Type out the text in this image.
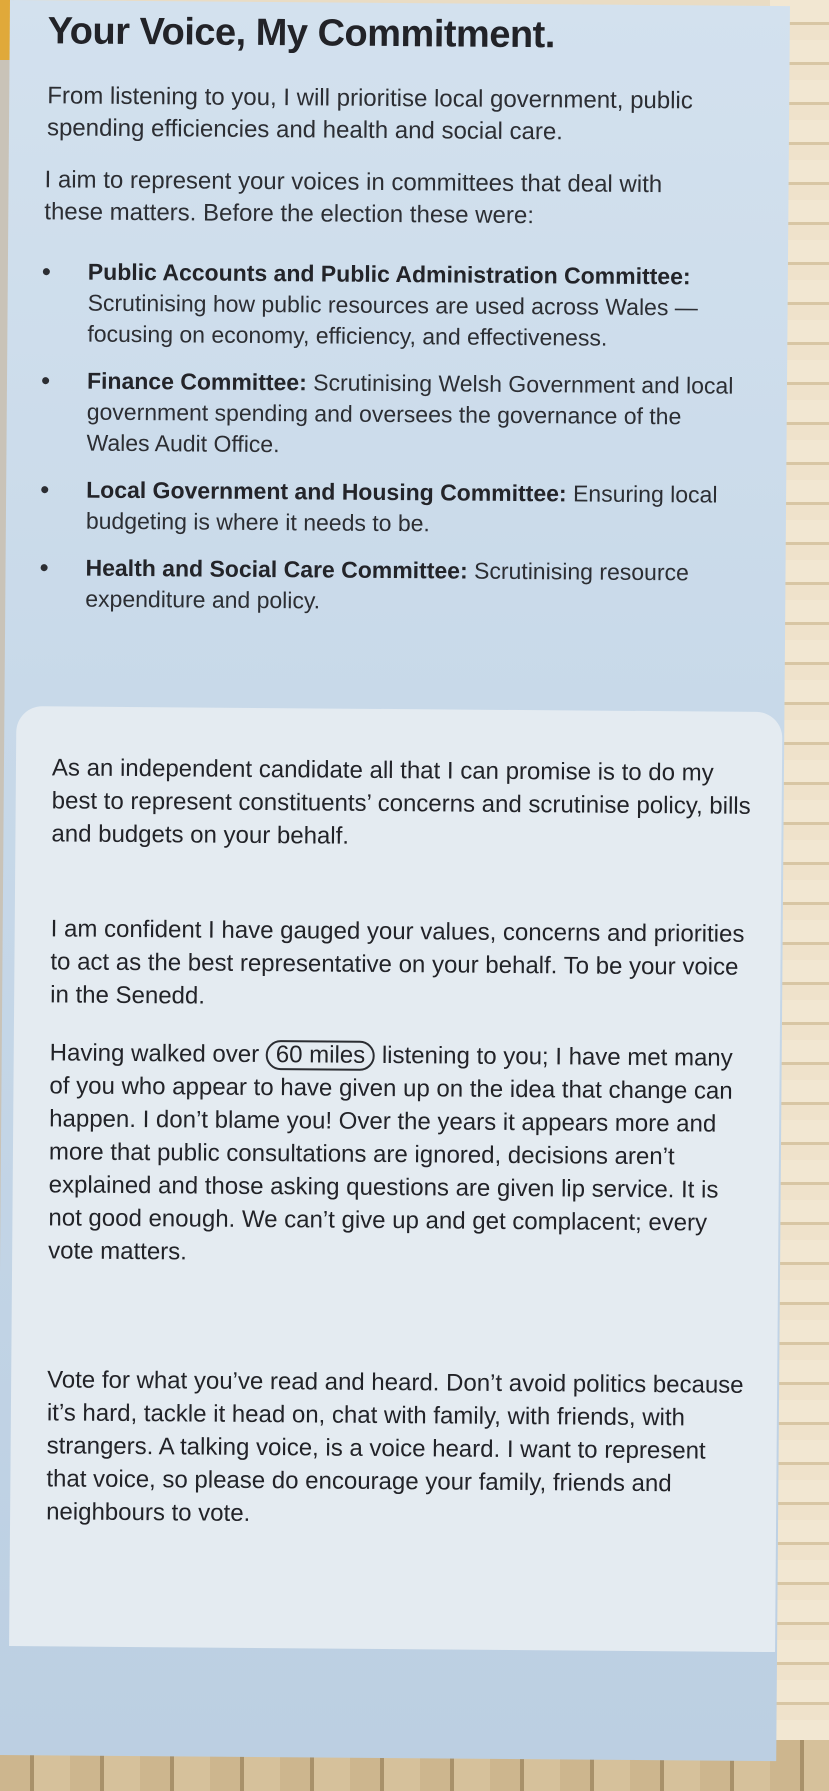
Your Voice, My Commitment.

From listening to you, I will prioritise local government, public spending efficiencies and health and social care.

I aim to represent your voices in committees that deal with these matters. Before the election these were:

• Public Accounts and Public Administration Committee: Scrutinising how public resources are used across Wales —focusing on economy, efficiency, and effectiveness.
• Finance Committee: Scrutinising Welsh Government and local government spending and oversees the governance of the Wales Audit Office.
• Local Government and Housing Committee: Ensuring local budgeting is where it needs to be.
• Health and Social Care Committee: Scrutinising resource expenditure and policy.

As an independent candidate all that I can promise is to do my best to represent constituents’ concerns and scrutinise policy, bills and budgets on your behalf.

I am confident I have gauged your values, concerns and priorities to act as the best representative on your behalf. To be your voice in the Senedd.

Having walked over 60 miles listening to you; I have met many of you who appear to have given up on the idea that change can happen. I don’t blame you! Over the years it appears more and more that public consultations are ignored, decisions aren’t explained and those asking questions are given lip service. It is not good enough. We can’t give up and get complacent; every vote matters.

Vote for what you’ve read and heard. Don’t avoid politics because it’s hard, tackle it head on, chat with family, with friends, with strangers. A talking voice, is a voice heard. I want to represent that voice, so please do encourage your family, friends and neighbours to vote.
